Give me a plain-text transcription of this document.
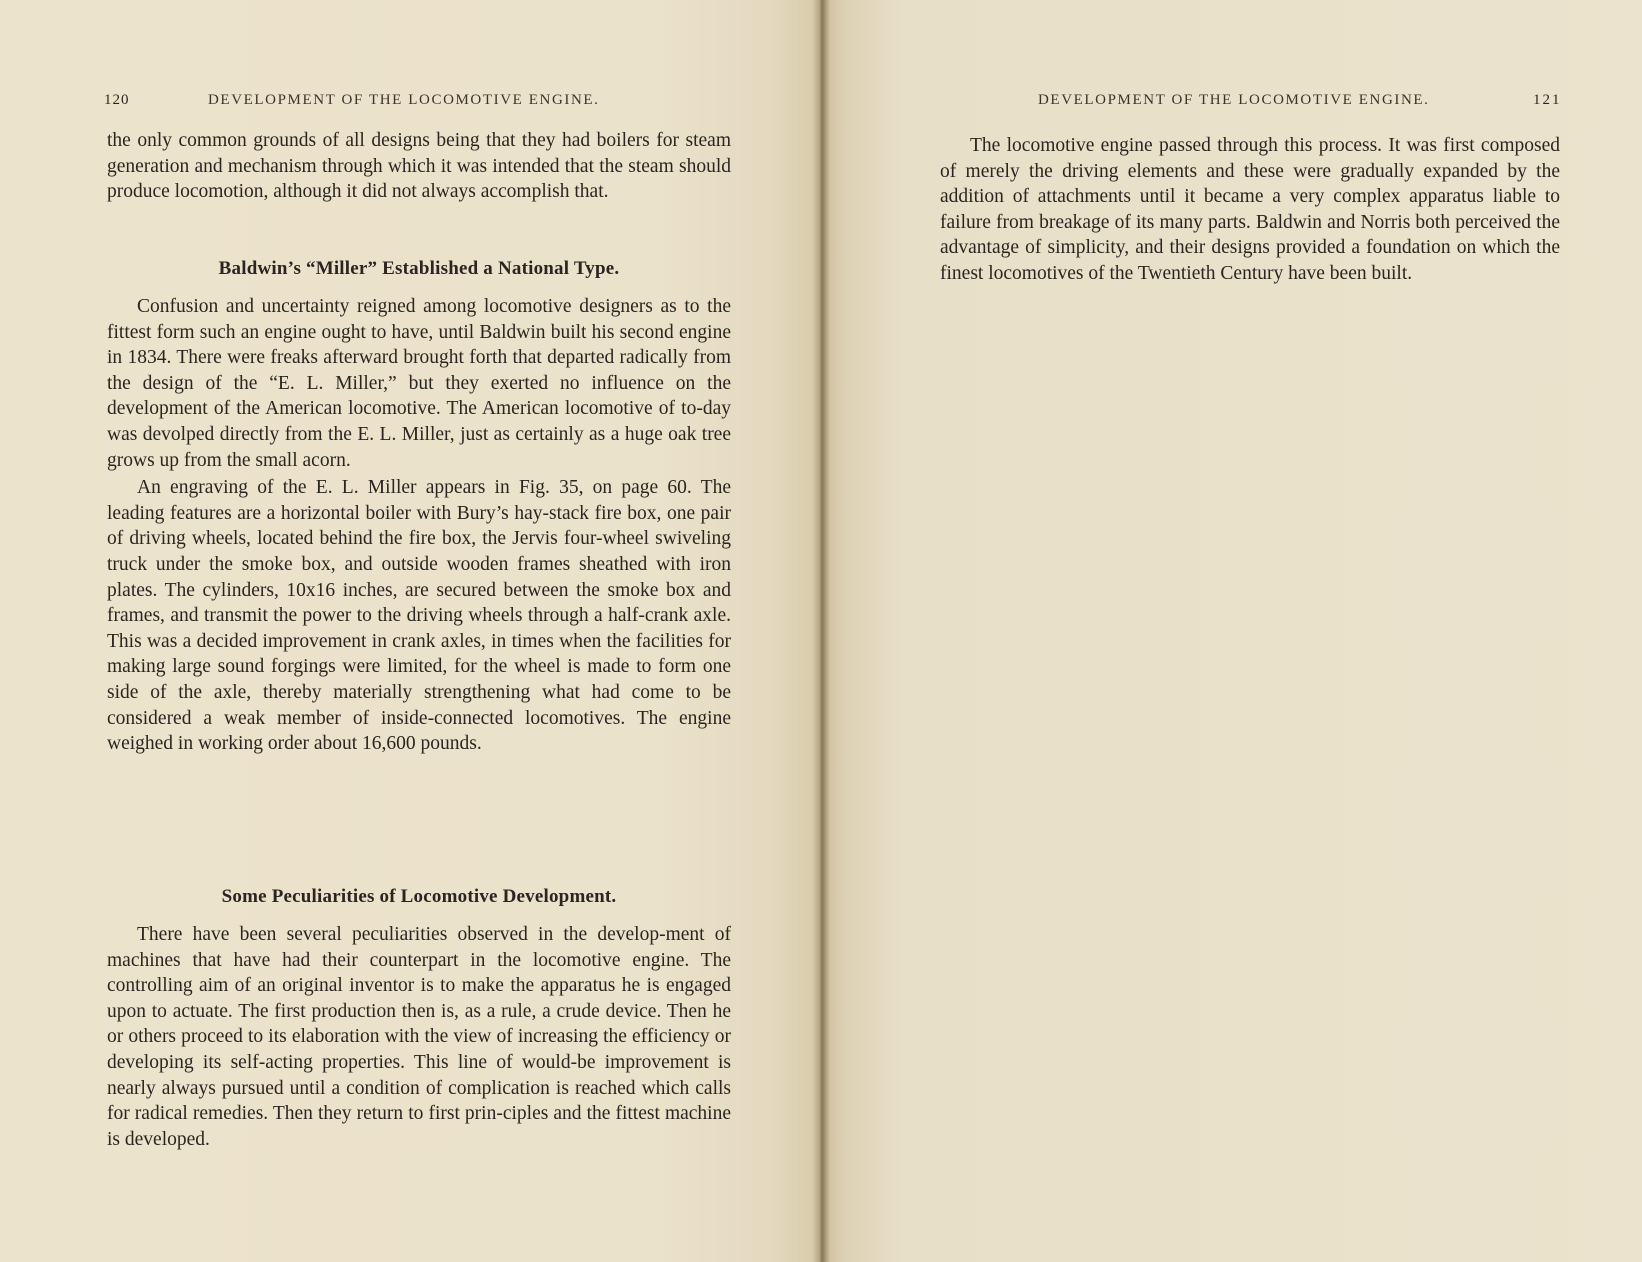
120	DEVELOPMENT OF THE LOCOMOTIVE ENGINE.

the only common grounds of all designs being that they had boilers for steam generation and mechanism through which it was intended that the steam should produce locomotion, although it did not always accomplish that.

Baldwin’s “Miller” Established a National Type.

Confusion and uncertainty reigned among locomotive designers as to the fittest form such an engine ought to have, until Baldwin built his second engine in 1834. There were freaks afterward brought forth that departed radically from the design of the “E. L. Miller,” but they exerted no influence on the development of the American locomotive. The American locomotive of to-day was devolped directly from the E. L. Miller, just as certainly as a huge oak tree grows up from the small acorn.

An engraving of the E. L. Miller appears in Fig. 35, on page 60. The leading features are a horizontal boiler with Bury’s hay-stack fire box, one pair of driving wheels, located behind the fire box, the Jervis four-wheel swiveling truck under the smoke box, and outside wooden frames sheathed with iron plates. The cylinders, 10x16 inches, are secured between the smoke box and frames, and transmit the power to the driving wheels through a half-crank axle. This was a decided improvement in crank axles, in times when the facilities for making large sound forgings were limited, for the wheel is made to form one side of the axle, thereby materially strengthening what had come to be considered a weak member of inside-connected locomotives. The engine weighed in working order about 16,600 pounds.

Some Peculiarities of Locomotive Development.

There have been several peculiarities observed in the develop-ment of machines that have had their counterpart in the locomotive engine. The controlling aim of an original inventor is to make the apparatus he is engaged upon to actuate. The first production then is, as a rule, a crude device. Then he or others proceed to its elaboration with the view of increasing the efficiency or developing its self-acting properties. This line of would-be improvement is nearly always pursued until a condition of complication is reached which calls for radical remedies. Then they return to first prin-ciples and the fittest machine is developed.

DEVELOPMENT OF THE LOCOMOTIVE ENGINE.	121

The locomotive engine passed through this process. It was first composed of merely the driving elements and these were gradually expanded by the addition of attachments until it became a very complex apparatus liable to failure from breakage of its many parts. Baldwin and Norris both perceived the advantage of simplicity, and their designs provided a foundation on which the finest locomotives of the Twentieth Century have been built.
